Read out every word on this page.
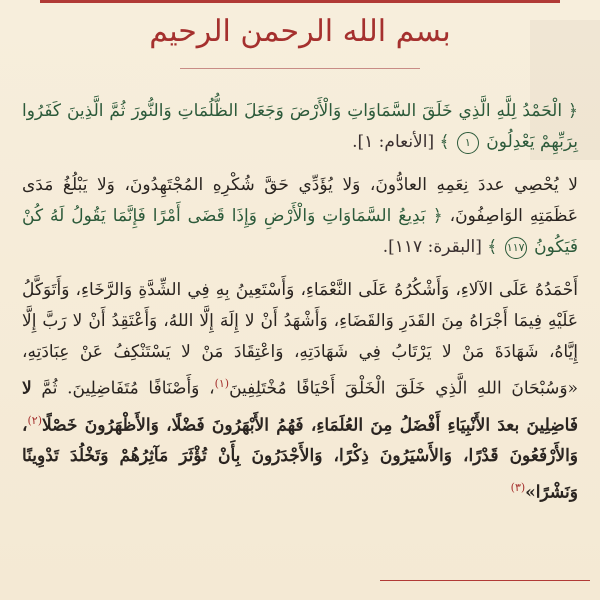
بسم الله الرحمن الرحيم

﴿ الْحَمْدُ لِلَّهِ الَّذِي خَلَقَ السَّمَاوَاتِ وَالْأَرْضَ وَجَعَلَ الظُّلُمَاتِ وَالنُّورَ ثُمَّ الَّذِينَ كَفَرُوا بِرَبِّهِمْ يَعْدِلُونَ ١ ﴾ [الأنعام: ١].

لا يُحْصِي عددَ نِعَمِهِ العادُّونَ، وَلا يُؤَدِّي حَقَّ شُكْرِهِ المُجْتَهِدُونَ، وَلا يَبْلُغُ مَدَى عَظَمَتِهِ الوَاصِفُونَ، ﴿ بَدِيعُ السَّمَاوَاتِ وَالْأَرْضِ وَإِذَا قَضَى أَمْرًا فَإِنَّمَا يَقُولُ لَهُ كُنْ فَيَكُونُ ١١٧ ﴾ [البقرة: ١١٧].

أَحْمَدُهُ عَلَى الآلاءِ، وَأَشْكُرُهُ عَلَى النَّعْمَاءِ، وَأَسْتَعِينُ بِهِ فِي الشِّدَّةِ وَالرَّخَاءِ، وَأَتَوَكَّلُ عَلَيْهِ فِيمَا أَجْرَاهُ مِنَ القَدَرِ وَالقَضَاءِ، وَأَشْهَدُ أَنْ لا إِلَهَ إِلَّا اللهُ، وَأَعْتَقِدُ أَنْ لا رَبَّ إِلَّا إِيَّاهُ، شَهَادَةَ مَنْ لا يَرْتَابُ فِي شَهَادَتِهِ، وَاعْتِقَادَ مَنْ لا يَسْتَنْكِفُ عَنْ عِبَادَتِهِ، «وَسُبْحَانَ اللهِ الَّذِي خَلَقَ الْخَلْقَ أَحْيَافًا مُخْتَلِفِينَ$^{(١)}$، وَأَصْنَافًا مُتَفَاضِلِينَ. ثُمَّ لا فَاضِلِينَ بعدَ الأَنْبِيَاءِ أَفْضَلُ مِنَ العُلَمَاءِ، فَهُمُ الأَبْهَرُونَ فَضْلًا، وَالأَظْهَرُونَ خَصْلًا$^{(٢)}$، وَالأَرْفَعُونَ قَدْرًا، وَالأَسْيَرُونَ ذِكْرًا، وَالأَجْدَرُونَ بِأَنْ تُؤْثَرَ مَآثِرُهُمْ وَتَخْلُدَ تَدْوِينًا وَنَشْرًا»$^{(٣)}$
